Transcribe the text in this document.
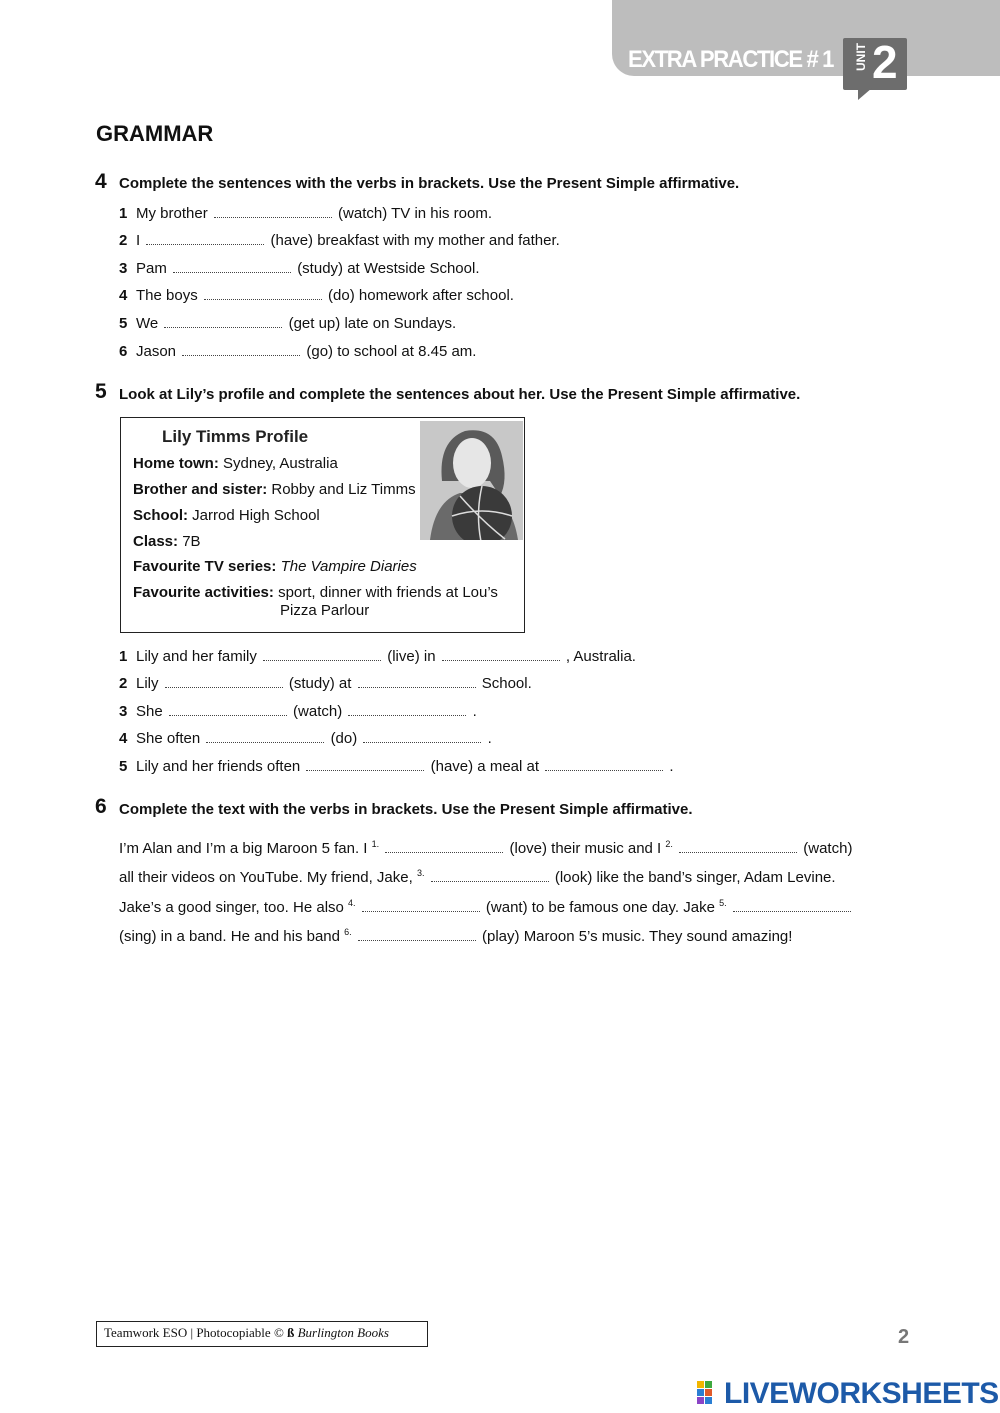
EXTRA PRACTICE # 1 UNIT 2
GRAMMAR
4 Complete the sentences with the verbs in brackets. Use the Present Simple affirmative.
1 My brother	(watch) TV in his room.
2 I	(have) breakfast with my mother and father.
3 Pam	(study) at Westside School.
4 The boys	(do) homework after school.
5 We	(get up) late on Sundays.
6 Jason	(go) to school at 8.45 am.
5 Look at Lily’s profile and complete the sentences about her. Use the Present Simple affirmative.
Lily Timms Profile
Home town: Sydney, Australia
Brother and sister: Robby and Liz Timms
School: Jarrod High School
Class: 7B
Favourite TV series: The Vampire Diaries
Favourite activities: sport, dinner with friends at Lou’s
Pizza Parlour
1 Lily and her family	(live) in	, Australia.
2 Lily	(study) at	School.
3 She	(watch)	.
4 She often	(do)	.
5 Lily and her friends often	(have) a meal at	.
6 Complete the text with the verbs in brackets. Use the Present Simple affirmative.
I’m Alan and I’m a big Maroon 5 fan. I $^{1.}$	(love) their music and I $^{2.}$	(watch)
all their videos on YouTube. My friend, Jake, $^{3.}$	(look) like the band’s singer, Adam Levine.
Jake’s a good singer, too. He also $^{4.}$	(want) to be famous one day. Jake $^{5.}$
(sing) in a band. He and his band $^{6.}$	(play) Maroon 5’s music. They sound amazing!
Teamwork ESO | Photocopiable © ß Burlington Books	2
LIVEWORKSHEETS
